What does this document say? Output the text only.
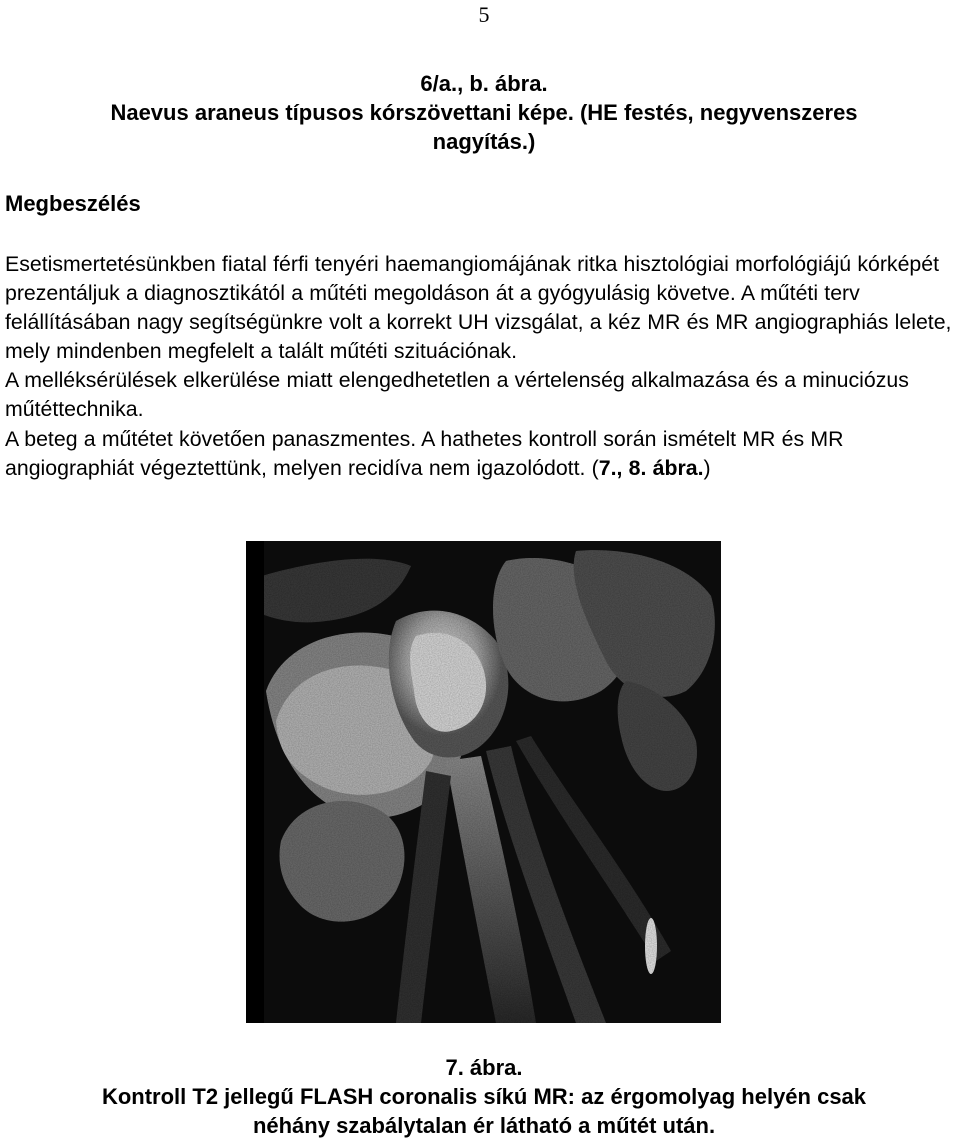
5
6/a., b. ábra.
Naevus araneus típusos kórszövettani képe. (HE festés, negyvenszeres
nagyítás.)
Megbeszélés

Esetismertetésünkben fiatal férfi tenyéri haemangiomájának ritka hisztológiai morfológiájú kórképét prezentáljuk a diagnosztikától a műtéti megoldáson át a gyógyulásig követve. A műtéti terv felállításában nagy segítségünkre volt a korrekt UH vizsgálat, a kéz MR és MR angiographiás lelete, mely mindenben megfelelt a talált műtéti szituációnak.

A melléksérülések elkerülése miatt elengedhetetlen a vértelenség alkalmazása és a minuciózus műtéttechnika.

A beteg a műtétet követően panaszmentes. A hathetes kontroll során ismételt MR és MR angiographiát végeztettünk, melyen recidíva nem igazolódott. (7., 8. ábra.)

7. ábra.
Kontroll T2 jellegű FLASH coronalis síkú MR: az érgomolyag helyén csak
néhány szabálytalan ér látható a műtét után.
